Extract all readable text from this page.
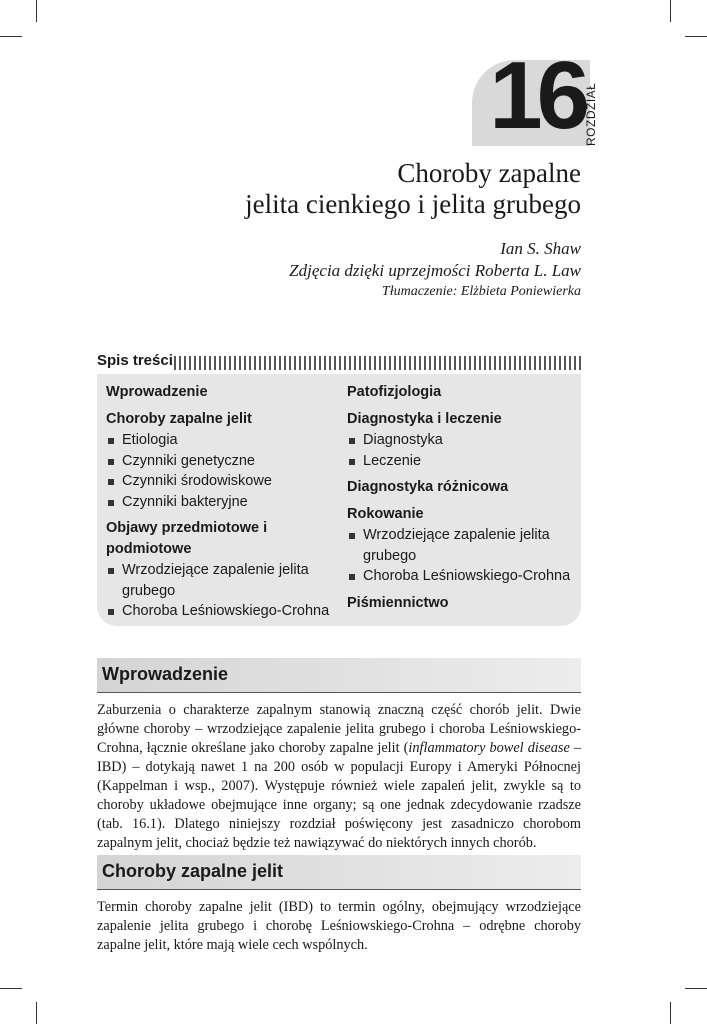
16 ROZDZIAŁ
Choroby zapalne
jelita cienkiego i jelita grubego
Ian S. Shaw
Zdjęcia dzięki uprzejmości Roberta L. Law
Tłumaczenie: Elżbieta Poniewierka
Spis treści
Wprowadzenie
Choroby zapalne jelit
Etiologia
Czynniki genetyczne
Czynniki środowiskowe
Czynniki bakteryjne
Objawy przedmiotowe i podmiotowe
Wrzodziejące zapalenie jelita grubego
Choroba Leśniowskiego-Crohna
Patofizjologia
Diagnostyka i leczenie
Diagnostyka
Leczenie
Diagnostyka różnicowa
Rokowanie
Wrzodziejące zapalenie jelita grubego
Choroba Leśniowskiego-Crohna
Piśmiennictwo
Wprowadzenie
Zaburzenia o charakterze zapalnym stanowią znaczną część chorób jelit. Dwie główne choroby – wrzodziejące zapalenie jelita grubego i choroba Leśniowskiego-Crohna, łącznie określane jako choroby zapalne jelit (inflammatory bowel disease – IBD) – dotykają nawet 1 na 200 osób w populacji Europy i Ameryki Północnej (Kappelman i wsp., 2007). Występuje również wiele zapaleń jelit, zwykle są to choroby układowe obejmujące inne organy; są one jednak zdecydowanie rzadsze (tab. 16.1). Dlatego niniejszy rozdział poświęcony jest zasadniczo chorobom zapalnym jelit, chociaż będzie też nawiązywać do niektórych innych chorób.
Choroby zapalne jelit
Termin choroby zapalne jelit (IBD) to termin ogólny, obejmujący wrzodziejące zapalenie jelita grubego i chorobę Leśniowskiego-Crohna – odrębne choroby zapalne jelit, które mają wiele cech wspólnych.
